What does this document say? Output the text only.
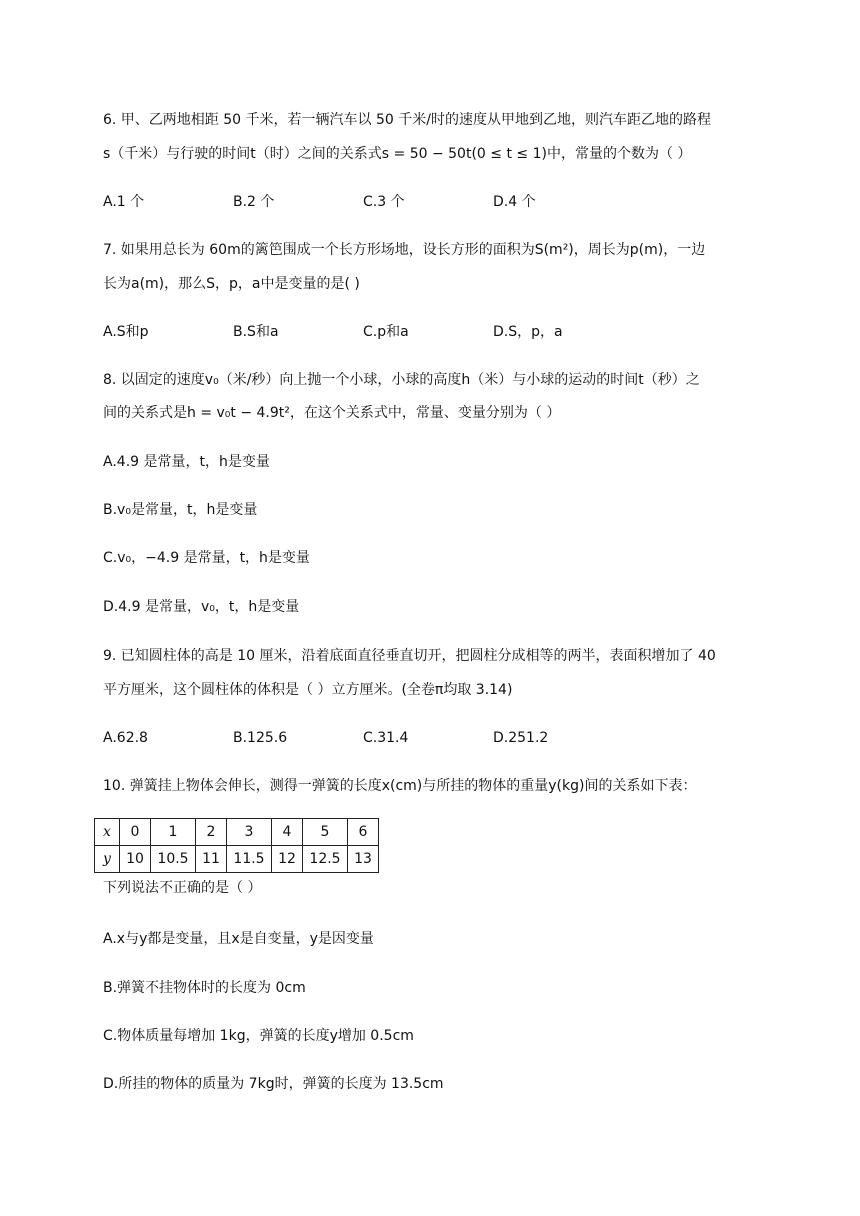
6. 甲、乙两地相距 50 千米，若一辆汽车以 50 千米/时的速度从甲地到乙地，则汽车距乙地的路程
s（千米）与行驶的时间t（时）之间的关系式s = 50 − 50t(0 ≤ t ≤ 1)中，常量的个数为（ ）
A.1 个	B.2 个	C.3 个	D.4 个
7. 如果用总长为 60m的篱笆围成一个长方形场地，设长方形的面积为S(m²)，周长为p(m)，一边
长为a(m)，那么S，p，a中是变量的是( )
A.S和p	B.S和a	C.p和a	D.S，p，a
8. 以固定的速度v₀（米/秒）向上抛一个小球，小球的高度h（米）与小球的运动的时间t（秒）之
间的关系式是h = v₀t − 4.9t²，在这个关系式中，常量、变量分别为（ ）
A.4.9 是常量，t，h是变量
B.v₀是常量，t，h是变量
C.v₀，−4.9 是常量，t，h是变量
D.4.9 是常量，v₀，t，h是变量
9. 已知圆柱体的高是 10 厘米，沿着底面直径垂直切开，把圆柱分成相等的两半，表面积增加了 40
平方厘米，这个圆柱体的体积是（ ）立方厘米。(全卷π均取 3.14)
A.62.8	B.125.6	C.31.4	D.251.2
10. 弹簧挂上物体会伸长，测得一弹簧的长度x(cm)与所挂的物体的重量y(kg)间的关系如下表：
x	0	1	2	3	4	5	6
y	10	10.5	11	11.5	12	12.5	13
下列说法不正确的是（ ）
A.x与y都是变量，且x是自变量，y是因变量
B.弹簧不挂物体时的长度为 0cm
C.物体质量每增加 1kg，弹簧的长度y增加 0.5cm
D.所挂的物体的质量为 7kg时，弹簧的长度为 13.5cm
